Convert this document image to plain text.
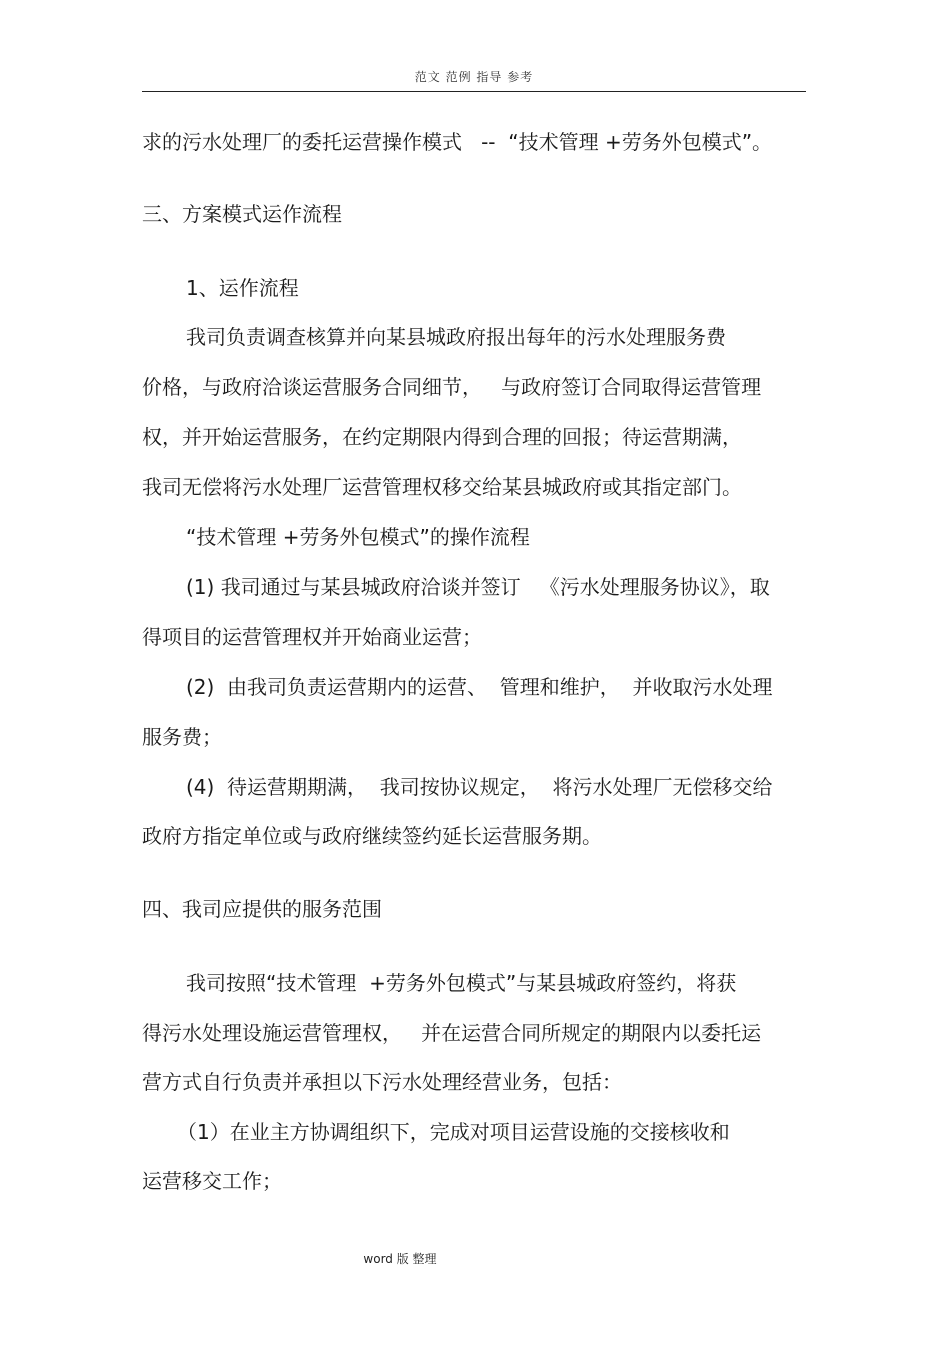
范文 范例 指导 参考
求的污水处理厂的委托运营操作模式   --  “技术管理 +劳务外包模式”。
三、方案模式运作流程
1、运作流程
我司负责调查核算并向某县城政府报出每年的污水处理服务费
价格，与政府洽谈运营服务合同细节，   与政府签订合同取得运营管理
权，并开始运营服务，在约定期限内得到合理的回报；待运营期满，
我司无偿将污水处理厂运营管理权移交给某县城政府或其指定部门。
“技术管理 +劳务外包模式”的操作流程
(1) 我司通过与某县城政府洽谈并签订   《污水处理服务协议》，取
得项目的运营管理权并开始商业运营；
(2)  由我司负责运营期内的运营、  管理和维护，  并收取污水处理
服务费；
(4)  待运营期期满，  我司按协议规定，  将污水处理厂无偿移交给
政府方指定单位或与政府继续签约延长运营服务期。
四、我司应提供的服务范围
我司按照“技术管理  +劳务外包模式”与某县城政府签约，将获
得污水处理设施运营管理权，   并在运营合同所规定的期限内以委托运
营方式自行负责并承担以下污水处理经营业务，包括：
（1）在业主方协调组织下，完成对项目运营设施的交接核收和
运营移交工作；
word 版 整理
